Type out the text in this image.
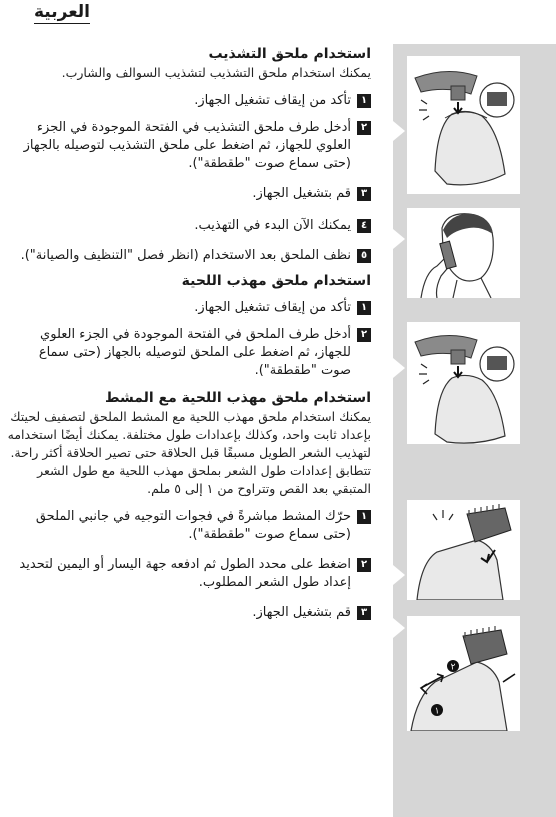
العربية
٢
١
استخدام ملحق التشذيب

يمكنك استخدام ملحق التشذيب لتشذيب السوالف والشارب.

١
تأكد من إيقاف تشغيل الجهاز.
٢
أدخل طرف ملحق التشذيب في الفتحة الموجودة في الجزء العلوي للجهاز، ثم اضغط على ملحق التشذيب لتوصيله بالجهاز (حتى سماع صوت "طقطقة").
٣
قم بتشغيل الجهاز.
٤
يمكنك الآن البدء في التهذيب.
٥
نظف الملحق بعد الاستخدام (انظر فصل "التنظيف والصيانة").
استخدام ملحق مهذب اللحية
١
تأكد من إيقاف تشغيل الجهاز.
٢
أدخل طرف الملحق في الفتحة الموجودة في الجزء العلوي للجهاز، ثم اضغط على الملحق لتوصيله بالجهاز (حتى سماع صوت "طقطقة").
استخدام ملحق مهذب اللحية مع المشط

يمكنك استخدام ملحق مهذب اللحية مع المشط الملحق لتصفيف لحيتك بإعداد ثابت واحد، وكذلك بإعدادات طول مختلفة. يمكنك أيضًا استخدامه لتهذيب الشعر الطويل مسبقًا قبل الحلاقة حتى تصير الحلاقة أكثر راحة.

تتطابق إعدادات طول الشعر بملحق مهذب اللحية مع طول الشعر المتبقي بعد القص وتتراوح من ١ إلى ٥ ملم.

١
حرّك المشط مباشرةً في فجوات التوجيه في جانبي الملحق (حتى سماع صوت "طقطقة").
٢
اضغط على محدد الطول ثم ادفعه جهة اليسار أو اليمين لتحديد إعداد طول الشعر المطلوب.
٣
قم بتشغيل الجهاز.
